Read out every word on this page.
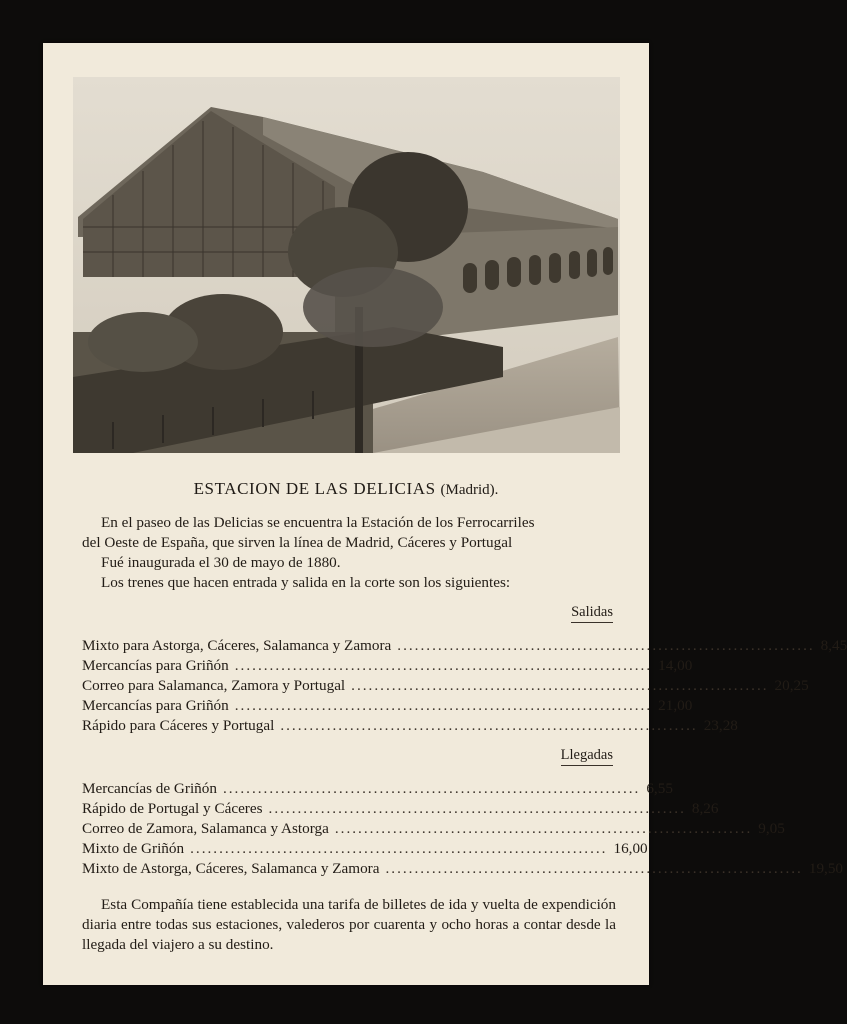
ESTACION DE LAS DELICIAS (Madrid).

En el paseo de las Delicias se encuentra la Estación de los Ferrocarriles

del Oeste de España, que sirven la línea de Madrid, Cáceres y Portugal

Fué inaugurada el 30 de mayo de 1880.

Los trenes que hacen entrada y salida en la corte son los siguientes:

Salidas
Mixto para Astorga, Cáceres, Salamanca y Zamora ........................................................................ 8,45
Mercancías para Griñón ........................................................................ 14,00
Correo para Salamanca, Zamora y Portugal ........................................................................ 20,25
Mercancías para Griñón ........................................................................ 21,00
Rápido para Cáceres y Portugal ........................................................................ 23,28
Llegadas
Mercancías de Griñón ........................................................................ 6,55
Rápido de Portugal y Cáceres ........................................................................ 8,26
Correo de Zamora, Salamanca y Astorga ........................................................................ 9,05
Mixto de Griñón ........................................................................ 16,00
Mixto de Astorga, Cáceres, Salamanca y Zamora ........................................................................ 19,50

Esta Compañía tiene establecida una tarifa de billetes de ida y vuelta de expendición diaria entre todas sus estaciones, valederos por cuarenta y ocho horas a contar desde la llegada del viajero a su destino.
